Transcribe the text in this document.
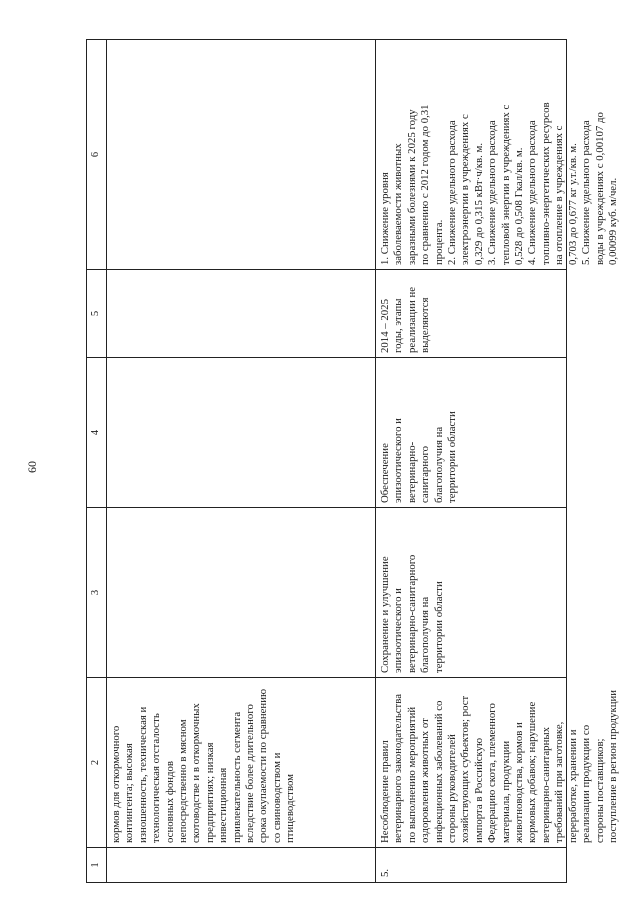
60
1
2
3
4
5
6
кормов для откормочного
контингента; высокая
изношенность, техническая и
технологическая отсталость
основных фондов
непосредственно в мясном
скотоводстве и в откормочных
предприятиях; низкая
инвестиционная
привлекательность сегмента
вследствие более длительного
срока окупаемости по сравнению
со свиноводством и
птицеводством
5.
Несоблюдение правил
ветеринарного законодательства
по выполнению мероприятий
оздоровления животных от
инфекционных заболеваний со
стороны руководителей
хозяйствующих субъектов; рост
импорта в Российскую
Федерацию скота, племенного
материала, продукции
животноводства, кормов и
кормовых добавок; нарушение
ветеринарно-санитарных
требований при заготовке,
переработке, хранении и
реализации продукции со
стороны поставщиков;
поступление в регион продукции
Сохранение и улучшение
эпизоотического и
ветеринарно-санитарного
благополучия на
территории области
Обеспечение
эпизоотического и
ветеринарно-
санитарного
благополучия на
территории области
2014 – 2025
годы, этапы
реализации не
выделяются
1. Снижение уровня
заболеваемости животных
заразными болезнями к 2025 году
по сравнению с 2012 годом до 0,31
процента.
2. Снижение удельного расхода
электроэнергии в учреждениях с
0,329 до 0,315 кВт·ч/кв. м.
3. Снижение удельного расхода
тепловой энергии в учреждениях с
0,528 до 0,508 Гкал/кв. м.
4. Снижение удельного расхода
топливно-энергетических ресурсов
на отопление в учреждениях с
0,703 до 0,677 кг у.т./кв. м.
5. Снижение удельного расхода
воды в учреждениях с 0,00107 до
0,00099 куб. м/чел.
